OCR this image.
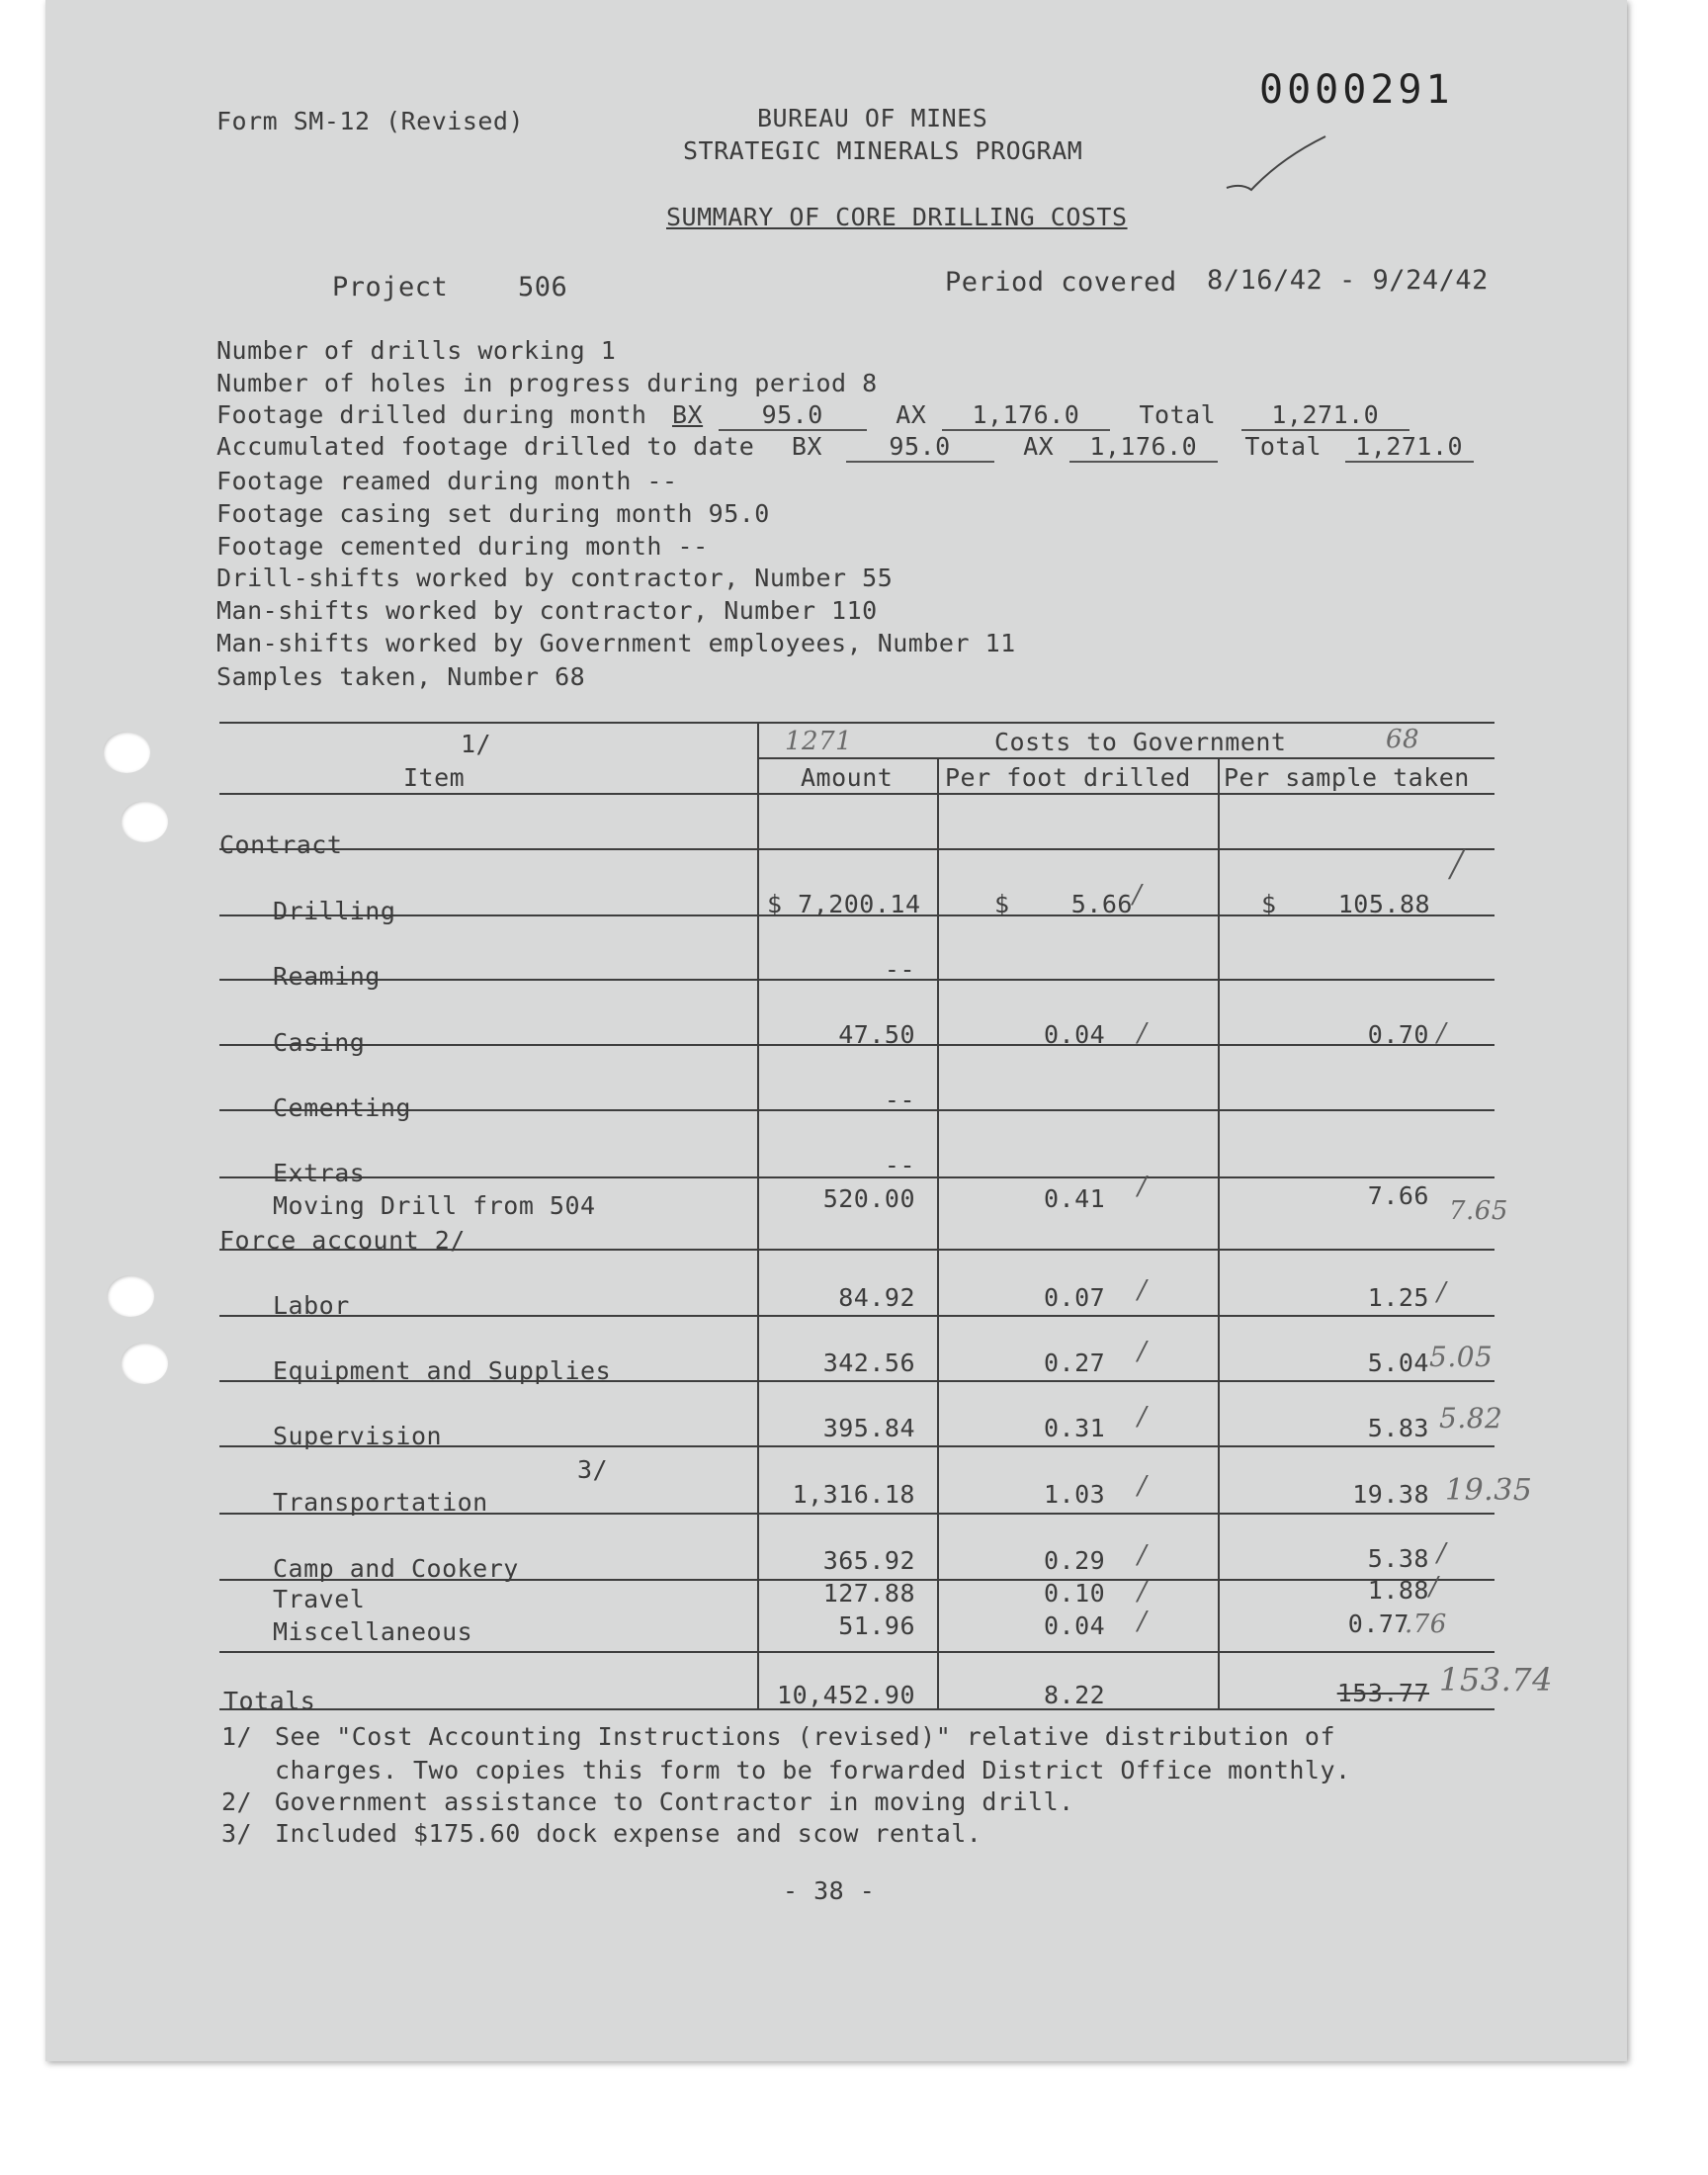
0000291
Form SM-12 (Revised)	BUREAU OF MINES
STRATEGIC MINERALS PROGRAM
SUMMARY OF CORE DRILLING COSTS
Project	506	Period covered 8/16/42 - 9/24/42
Number of drills working 1
Number of holes in progress during period 8
Footage drilled during month BX 95.0	AX 1,176.0 Total 1,271.0
Accumulated footage drilled to date BX	95.0	AX 1,176.0 Total 1,271.0
Footage reamed during month --
Footage casing set during month 95.0
Footage cemented during month --
Drill-shifts worked by contractor, Number 55
Man-shifts worked by contractor, Number 110
Man-shifts worked by Government employees, Number 11
Samples taken, Number 68
1/
Item
1271	Costs to Government	68
Amount Per foot drilled Per sample taken
Contract
Drilling	$ 7,200.14	$    5.66	$    105.88
/
╱
Reaming	--
Casing	47.50	0.04	0.70
Cementing	--
Extras	--
Moving Drill from 504	520.00	0.41	7.66
7.65
Force account 2/
Labor	84.92	0.07	1.25
Equipment and Supplies	342.56	0.27	5.04 5.05
Supervision	395.84	0.31	5.83 5.82
3/
Transportation	1,316.18	1.03	19.38 19.35
Camp and Cookery	365.92	0.29	5.38
Travel	127.88	0.10	1.88
Miscellaneous	51.96	0.04	0.77
.76
Totals	10,452.90	8.22	153.77 153.74
/
/
/
/
/
/
/
/
/
/
/
/
/
1/ See "Cost Accounting Instructions (revised)" relative distribution of
charges. Two copies this form to be forwarded District Office monthly.
2/ Government assistance to Contractor in moving drill.
3/ Included $175.60 dock expense and scow rental.
- 38 -
